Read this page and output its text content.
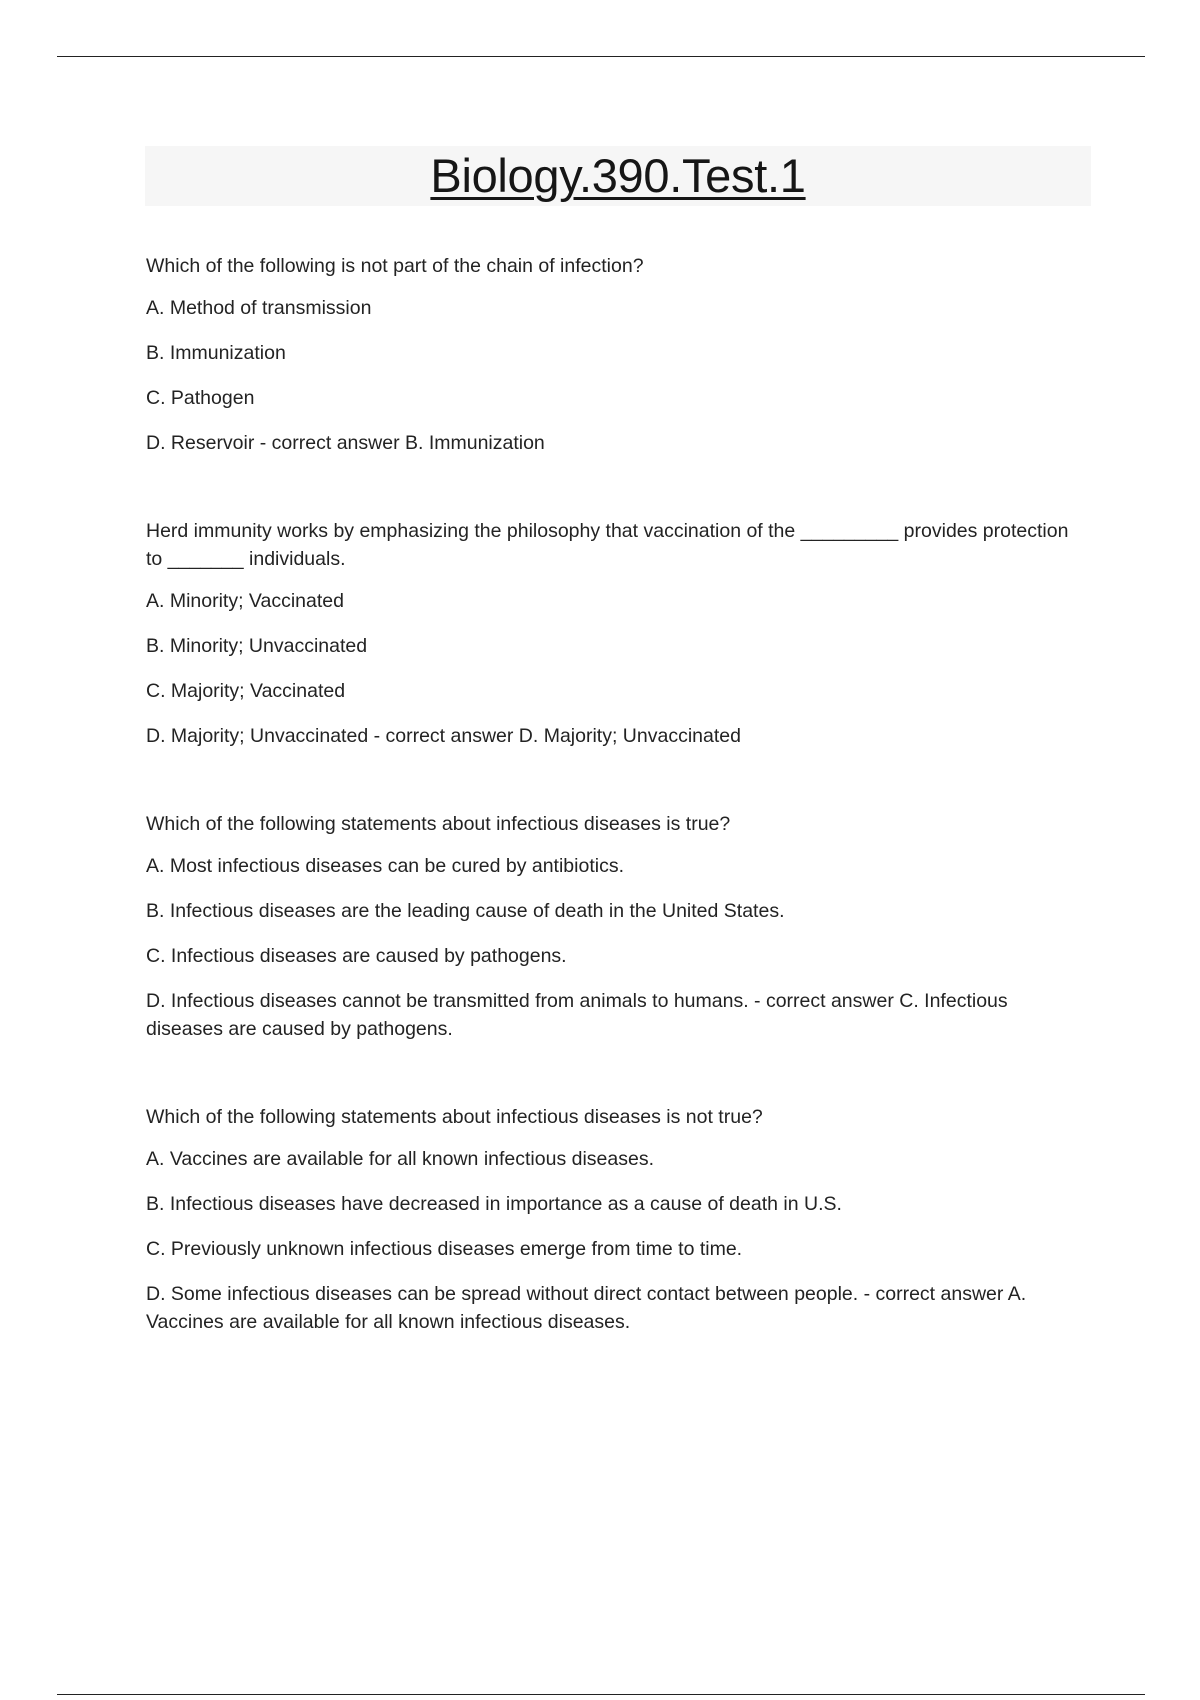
Biology.390.Test.1

Which of the following is not part of the chain of infection?

A. Method of transmission

B. Immunization

C. Pathogen

D. Reservoir - correct answer B. Immunization

Herd immunity works by emphasizing the philosophy that vaccination of the _________ provides protection to _______ individuals.

A. Minority; Vaccinated

B. Minority; Unvaccinated

C. Majority; Vaccinated

D. Majority; Unvaccinated - correct answer D. Majority; Unvaccinated

Which of the following statements about infectious diseases is true?

A. Most infectious diseases can be cured by antibiotics.

B. Infectious diseases are the leading cause of death in the United States.

C. Infectious diseases are caused by pathogens.

D. Infectious diseases cannot be transmitted from animals to humans. - correct answer C. Infectious diseases are caused by pathogens.

Which of the following statements about infectious diseases is not true?

A. Vaccines are available for all known infectious diseases.

B. Infectious diseases have decreased in importance as a cause of death in U.S.

C. Previously unknown infectious diseases emerge from time to time.

D. Some infectious diseases can be spread without direct contact between people. - correct answer A. Vaccines are available for all known infectious diseases.
